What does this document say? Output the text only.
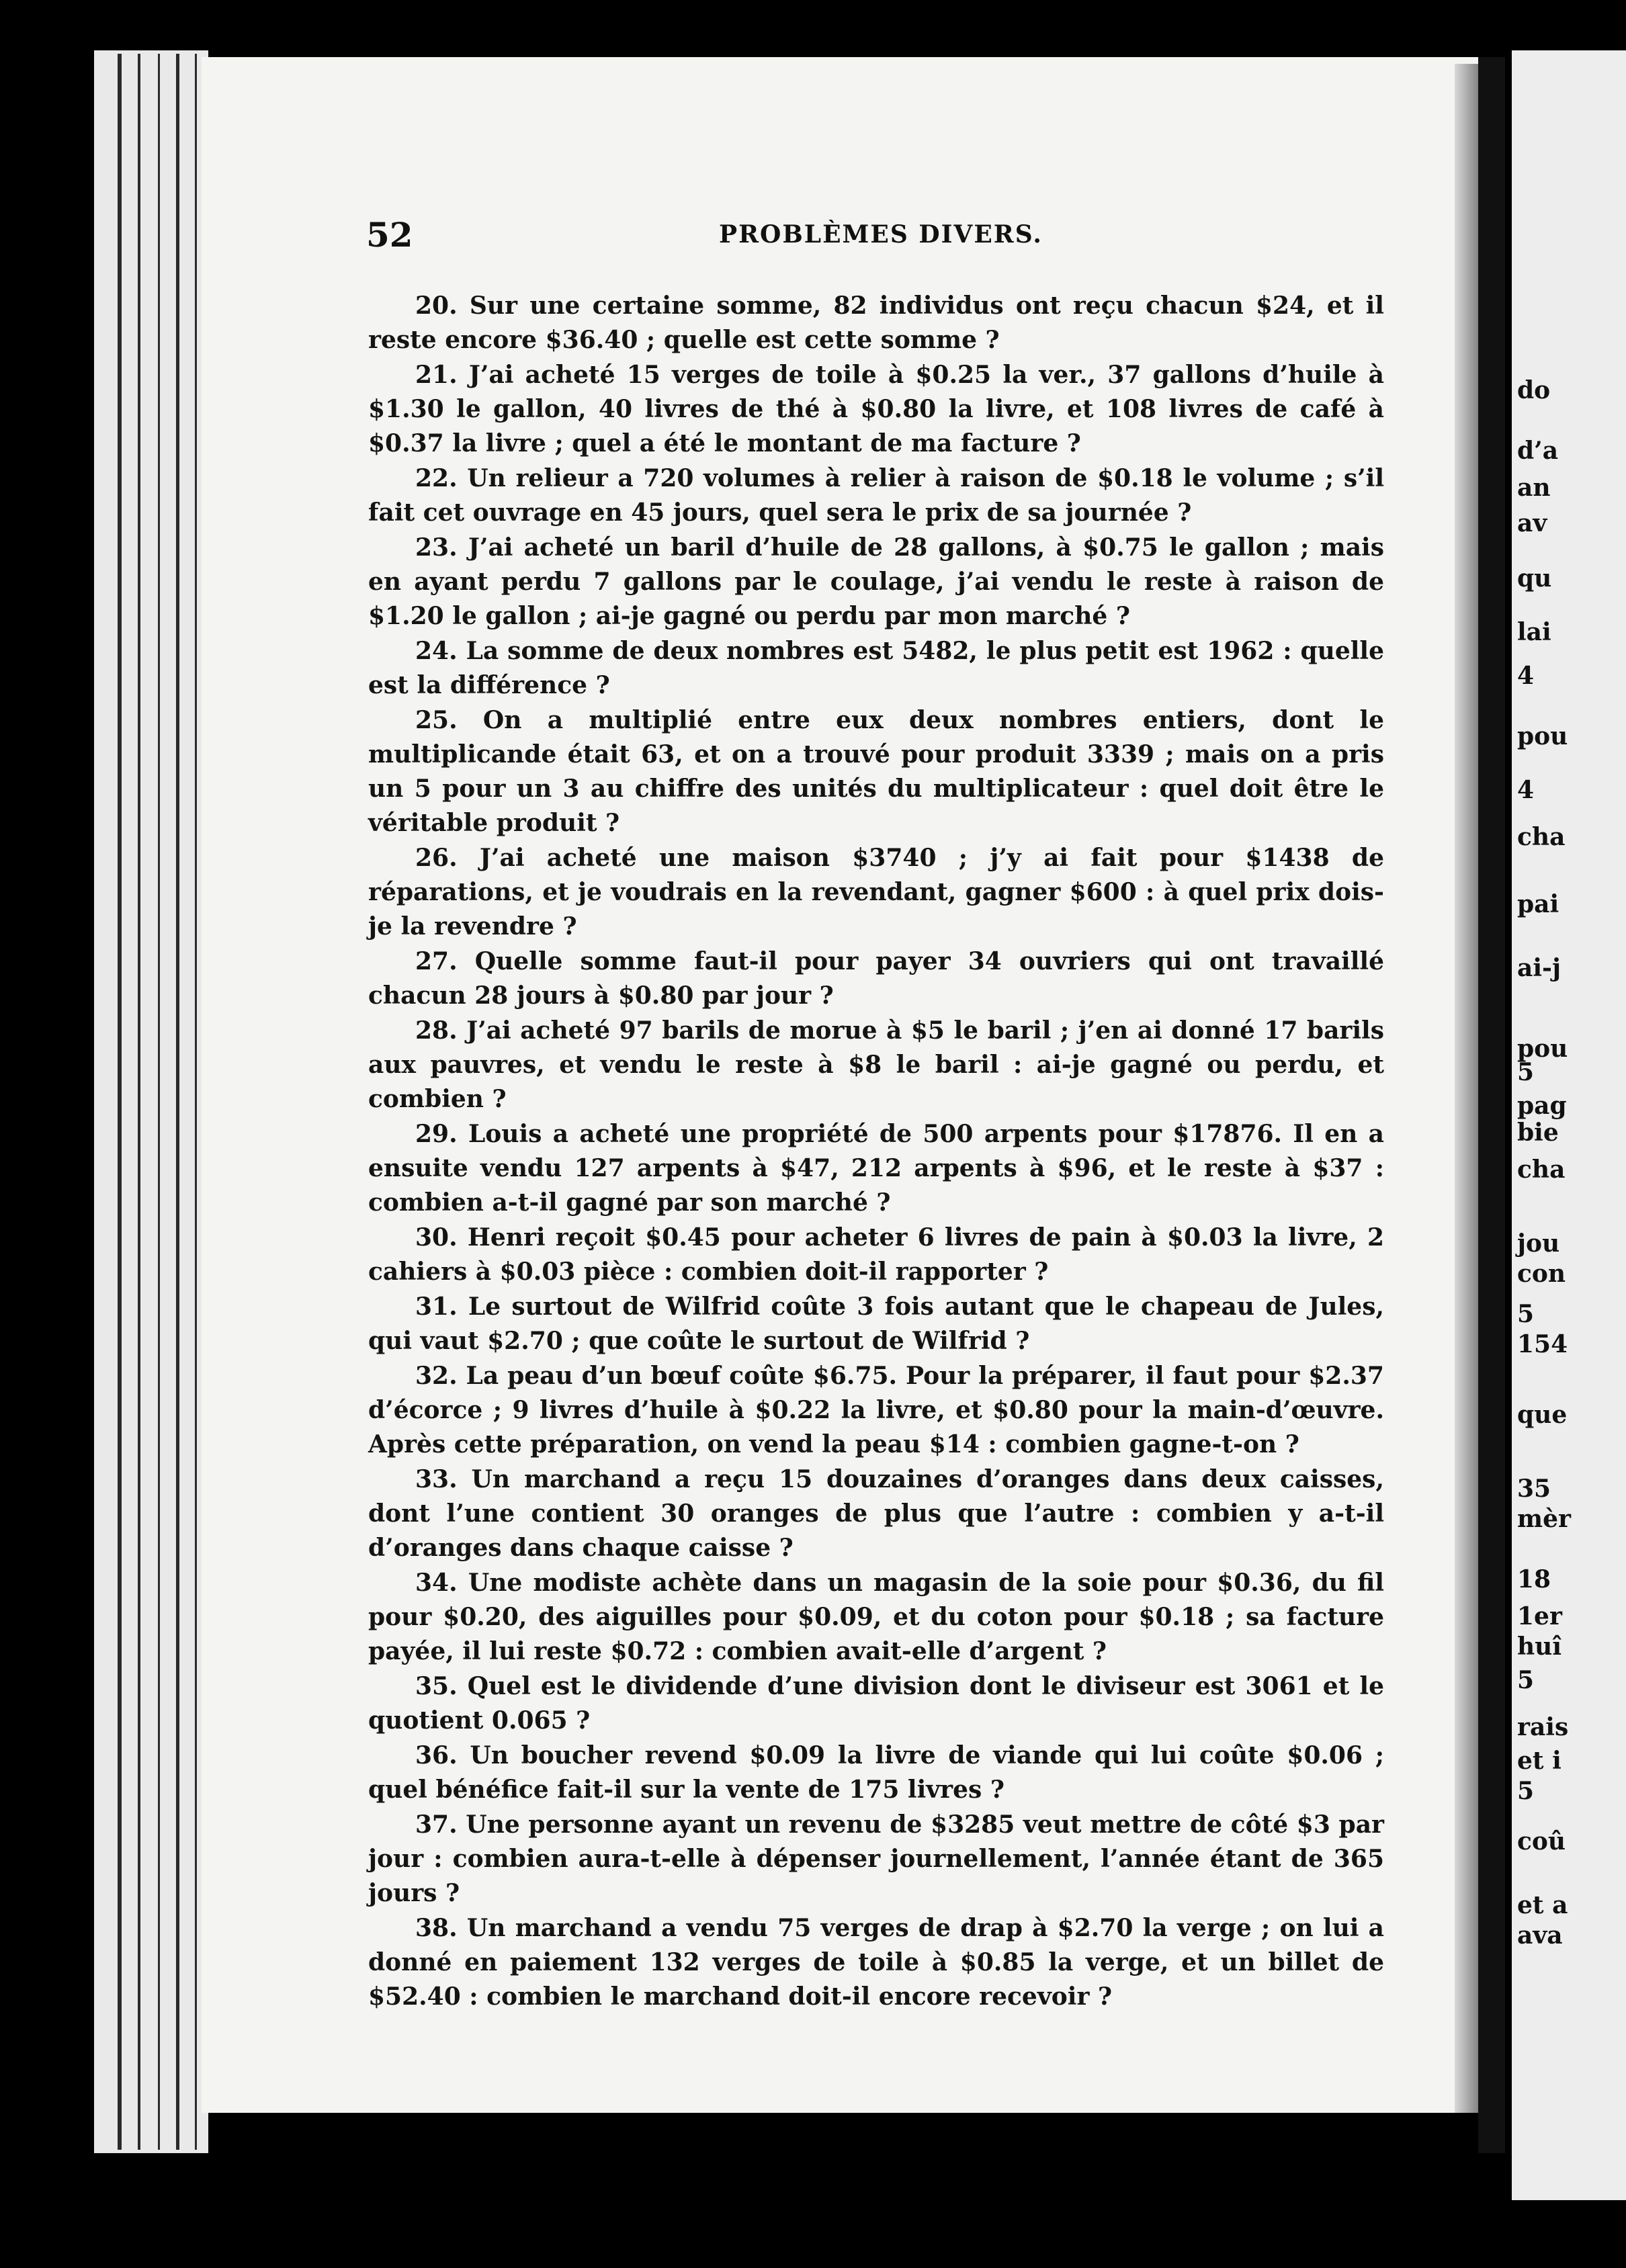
52	PROBLÈMES DIVERS.

20. Sur une certaine somme, 82 individus ont reçu chacun $24, et il reste encore $36.40 ; quelle est cette somme ?

21. J’ai acheté 15 verges de toile à $0.25 la ver., 37 gallons d’huile à $1.30 le gallon, 40 livres de thé à $0.80 la livre, et 108 livres de café à $0.37 la livre ; quel a été le montant de ma facture ?

22. Un relieur a 720 volumes à relier à raison de $0.18 le volume ; s’il fait cet ouvrage en 45 jours, quel sera le prix de sa journée ?

23. J’ai acheté un baril d’huile de 28 gallons, à $0.75 le gallon ; mais en ayant perdu 7 gallons par le coulage, j’ai vendu le reste à raison de $1.20 le gallon ; ai-je gagné ou perdu par mon marché ?

24. La somme de deux nombres est 5482, le plus petit est 1962 : quelle est la différence ?

25. On a multiplié entre eux deux nombres entiers, dont le multiplicande était 63, et on a trouvé pour produit 3339 ; mais on a pris un 5 pour un 3 au chiffre des unités du multiplicateur : quel doit être le véritable produit ?

26. J’ai acheté une maison $3740 ; j’y ai fait pour $1438 de réparations, et je voudrais en la revendant, gagner $600 : à quel prix dois-je la revendre ?

27. Quelle somme faut-il pour payer 34 ouvriers qui ont travaillé chacun 28 jours à $0.80 par jour ?

28. J’ai acheté 97 barils de morue à $5 le baril ; j’en ai donné 17 barils aux pauvres, et vendu le reste à $8 le baril : ai-je gagné ou perdu, et combien ?

29. Louis a acheté une propriété de 500 arpents pour $17876. Il en a ensuite vendu 127 arpents à $47, 212 arpents à $96, et le reste à $37 : combien a-t-il gagné par son marché ?

30. Henri reçoit $0.45 pour acheter 6 livres de pain à $0.03 la livre, 2 cahiers à $0.03 pièce : combien doit-il rapporter ?

31. Le surtout de Wilfrid coûte 3 fois autant que le chapeau de Jules, qui vaut $2.70 ; que coûte le surtout de Wilfrid ?

32. La peau d’un bœuf coûte $6.75. Pour la préparer, il faut pour $2.37 d’écorce ; 9 livres d’huile à $0.22 la livre, et $0.80 pour la main-d’œuvre. Après cette préparation, on vend la peau $14 : combien gagne-t-on ?

33. Un marchand a reçu 15 douzaines d’oranges dans deux caisses, dont l’une contient 30 oranges de plus que l’autre : combien y a-t-il d’oranges dans chaque caisse ?

34. Une modiste achète dans un magasin de la soie pour $0.36, du fil pour $0.20, des aiguilles pour $0.09, et du coton pour $0.18 ; sa facture payée, il lui reste $0.72 : combien avait-elle d’argent ?

35. Quel est le dividende d’une division dont le diviseur est 3061 et le quotient 0.065 ?

36. Un boucher revend $0.09 la livre de viande qui lui coûte $0.06 ; quel bénéfice fait-il sur la vente de 175 livres ?

37. Une personne ayant un revenu de $3285 veut mettre de côté $3 par jour : combien aura-t-elle à dépenser journellement, l’année étant de 365 jours ?

38. Un marchand a vendu 75 verges de drap à $2.70 la verge ; on lui a donné en paiement 132 verges de toile à $0.85 la verge, et un billet de $52.40 : combien le marchand doit-il encore recevoir ?

do
d’a
an
av
qu
lai
4
pou
4
cha
pai
ai-j
pou
5
pag
bie
cha
jou
con
5
154
que
35
mèr
18
1er
huî
5
rais
et i
5
coû
et a
ava
